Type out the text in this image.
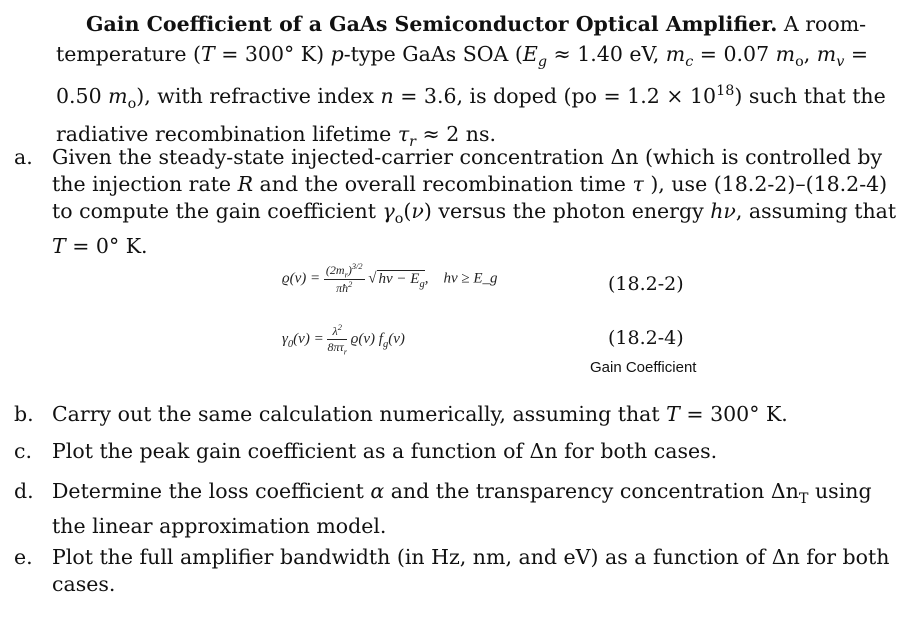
Gain Coefficient of a GaAs Semiconductor Optical Amplifier. A room-temperature (T = 300° K) p-type GaAs SOA ($E_g \approx 1.40$ eV, $m_c = 0.07$ $m_o$, $m_v = 0.50$ $m_o$), with refractive index n = 3.6, is doped $(po = 1.2 \times 10^{18})$ such that the radiative recombination lifetime $\tau_r \approx 2$ ns.
a. Given the steady-state injected-carrier concentration Δn (which is controlled by the injection rate R and the overall recombination time τ ), use (18.2-2)–(18.2-4) to compute the gain coefficient $\gamma_o(\nu)$ versus the photon energy hν, assuming that T = 0° K.
$ϱ(\nu) = \frac{(2m_r)^{3/2}}{\pi ħ^2}$ √ $h\nu - E_g$,    hν ≥ E_g	(18.2-2)
$\gamma_0(\nu) = \frac{\lambda^2}{8\pi\tau_r} ϱ(\nu)$ $f_g(\nu)$	(18.2-4)
Gain Coefficient
b. Carry out the same calculation numerically, assuming that T = 300° K.
c. Plot the peak gain coefficient as a function of Δn for both cases.
d. Determine the loss coefficient α and the transparency concentration $\Delta n_T$ using the linear approximation model.
e. Plot the full amplifier bandwidth (in Hz, nm, and eV) as a function of Δn for both cases.
